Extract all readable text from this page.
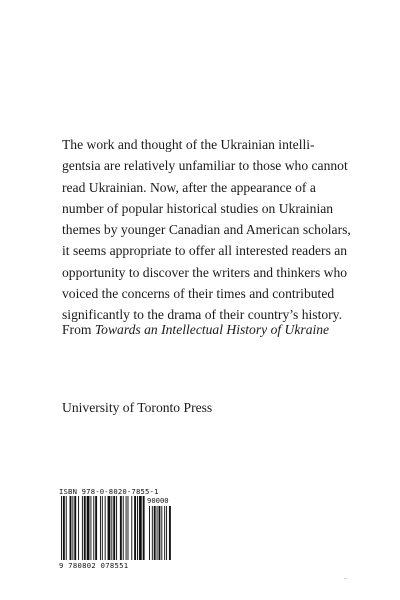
The work and thought of the Ukrainian intelli-
gentsia are relatively unfamiliar to those who cannot
read Ukrainian. Now, after the appearance of a
number of popular historical studies on Ukrainian
themes by younger Canadian and American scholars,
it seems appropriate to offer all interested readers an
opportunity to discover the writers and thinkers who
voiced the concerns of their times and contributed
significantly to the drama of their country’s history.

From Towards an Intellectual History of Ukraine

University of Toronto Press

ISBN 978-0-8020-7855-1
90000
9 780802 078551
